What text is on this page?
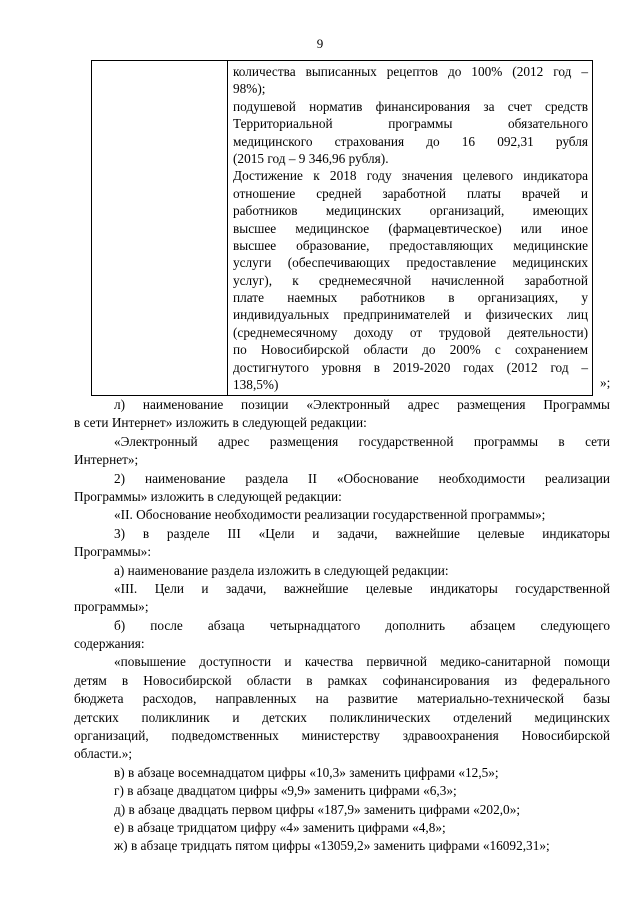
9

количества выписанных рецептов до 100% (2012 год –
98%);
подушевой норматив финансирования за счет средств
Территориальной программы обязательного
медицинского страхования до 16 092,31 рубля
(2015 год – 9 346,96 рубля).
Достижение к 2018 году значения целевого индикатора
отношение средней заработной платы врачей и
работников медицинских организаций, имеющих
высшее медицинское (фармацевтическое) или иное
высшее образование, предоставляющих медицинские
услуги (обеспечивающих предоставление медицинских
услуг), к среднемесячной начисленной заработной
плате наемных работников в организациях, у
индивидуальных предпринимателей и физических лиц
(среднемесячному доходу от трудовой деятельности)
по Новосибирской области до 200% с сохранением
достигнутого уровня в 2019-2020 годах (2012 год –
138,5%)	»;
л) наименование позиции «Электронный адрес размещения Программы
в сети Интернет» изложить в следующей редакции:
«Электронный адрес размещения государственной программы в сети
Интернет»;
2) наименование раздела II «Обоснование необходимости реализации
Программы» изложить в следующей редакции:
«II. Обоснование необходимости реализации государственной программы»;
3) в разделе III «Цели и задачи, важнейшие целевые индикаторы
Программы»:
а) наименование раздела изложить в следующей редакции:
«III. Цели и задачи, важнейшие целевые индикаторы государственной
программы»;
б) после абзаца четырнадцатого дополнить абзацем следующего
содержания:
«повышение доступности и качества первичной медико-санитарной помощи
детям в Новосибирской области в рамках софинансирования из федерального
бюджета расходов, направленных на развитие материально-технической базы
детских поликлиник и детских поликлинических отделений медицинских
организаций, подведомственных министерству здравоохранения Новосибирской
области.»;
в) в абзаце восемнадцатом цифры «10,3» заменить цифрами «12,5»;
г) в абзаце двадцатом цифры «9,9» заменить цифрами «6,3»;
д) в абзаце двадцать первом цифры «187,9» заменить цифрами «202,0»;
е) в абзаце тридцатом цифру «4» заменить цифрами «4,8»;
ж) в абзаце тридцать пятом цифры «13059,2» заменить цифрами «16092,31»;
